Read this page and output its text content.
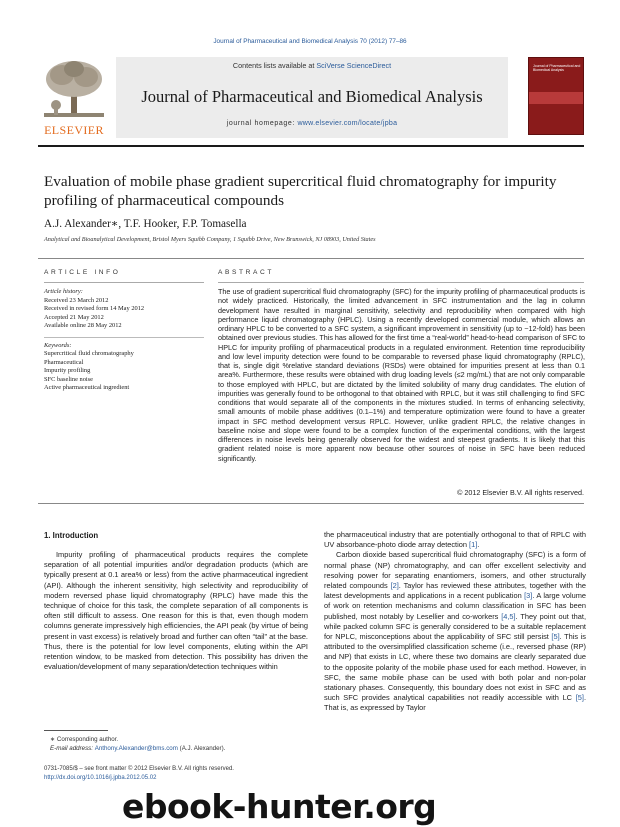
Journal of Pharmaceutical and Biomedical Analysis 70 (2012) 77–86
ELSEVIER
Contents lists available at SciVerse ScienceDirect
Journal of Pharmaceutical and Biomedical Analysis
journal homepage: www.elsevier.com/locate/jpba
Journal of Pharmaceutical and Biomedical Analysis
Evaluation of mobile phase gradient supercritical fluid chromatography for impurity profiling of pharmaceutical compounds
A.J. Alexander∗, T.F. Hooker, F.P. Tomasella
Analytical and Bioanalytical Development, Bristol Myers Squibb Company, 1 Squibb Drive, New Brunswick, NJ 08903, United States
ARTICLE INFO	ABSTRACT
Article history:
Received 23 March 2012
Received in revised form 14 May 2012
Accepted 21 May 2012
Available online 28 May 2012
Keywords:
Supercritical fluid chromatography
Pharmaceutical
Impurity profiling
SFC baseline noise
Active pharmaceutical ingredient
The use of gradient supercritical fluid chromatography (SFC) for the impurity profiling of pharmaceutical products is not widely practiced. Historically, the limited advancement in SFC instrumentation and the lag in column development have resulted in marginal sensitivity, selectivity and reproducibility when compared with high performance liquid chromatography (HPLC). Using a recently developed commercial module, which allows an ordinary HPLC to be converted to a SFC system, a significant improvement in sensitivity (up to ~12-fold) has been obtained over previous studies. This has allowed for the first time a “real-world” head-to-head comparison of SFC to HPLC for impurity profiling of pharmaceutical products in a regulated environment. Retention time reproducibility and low level impurity detection were found to be comparable to reversed phase liquid chromatography (RPLC), that is, single digit %relative standard deviations (RSDs) were obtained for impurities present at less than 0.1 area%. Furthermore, these results were obtained with drug loading levels (≤2 mg/mL) that are not only comparable to those employed with HPLC, but are dictated by the limited solubility of many drug candidates. The elution of impurities was generally found to be orthogonal to that obtained with RPLC, but it was still challenging to find SFC conditions that would separate all of the components in the mixtures studied. In terms of enhancing selectivity, small amounts of mobile phase additives (0.1–1%) and temperature optimization were found to have a greater impact in SFC method development versus RPLC. However, unlike gradient RPLC, the relative changes in baseline noise and slope were found to be a complex function of the experimental conditions, with the largest differences in noise levels being generally observed for the widest and steepest gradients. It is likely that this gradient related noise is more apparent now because other sources of noise in SFC have been reduced significantly.
© 2012 Elsevier B.V. All rights reserved.
1. Introduction
Impurity profiling of pharmaceutical products requires the complete separation of all potential impurities and/or degradation products (which are typically present at 0.1 area% or less) from the active pharmaceutical ingredient (API). Although the inherent sensitivity, high selectivity and reproducibility of modern reversed phase liquid chromatography (RPLC) have made this the technique of choice for this task, the complete separation of all components is often still difficult to assess. One reason for this is that, even though modern columns generate impressively high efficiencies, the API peak (by virtue of being present in vast excess) is relatively broad and further can often “tail” at the base. Thus, there is the potential for low level components, eluting within the API retention window, to be masked from detection. This possibility has driven the evaluation/development of many separation/detection techniques within

the pharmaceutical industry that are potentially orthogonal to that of RPLC with UV absorbance-photo diode array detection [1].

Carbon dioxide based supercritical fluid chromatography (SFC) is a form of normal phase (NP) chromatography, and can offer excellent selectivity and resolving power for separating enantiomers, isomers, and other structurally related compounds [2]. Taylor has reviewed these attributes, together with the latest developments and applications in a recent publication [3]. A large volume of work on retention mechanisms and column classification in SFC has been published, most notably by Lesellier and co-workers [4,5]. They point out that, while packed column SFC is generally considered to be a suitable replacement for NPLC, misconceptions about the applicability of SFC still persist [5]. This is attributed to the oversimplified classification scheme (i.e., reversed phase (RP) and NP) that exists in LC, where these two domains are clearly separated due to the opposite polarity of the mobile phase used for each method. However, in SFC, the same mobile phase can be used with both polar and non-polar stationary phases. Consequently, this boundary does not exist in SFC and as such SFC provides analytical capabilities not readily accessible with LC [5]. That is, as expressed by Taylor

∗ Corresponding author.
E-mail address: Anthony.Alexander@bms.com (A.J. Alexander).
0731-7085/$ – see front matter © 2012 Elsevier B.V. All rights reserved.
http://dx.doi.org/10.1016/j.jpba.2012.05.02
ebook-hunter.org
